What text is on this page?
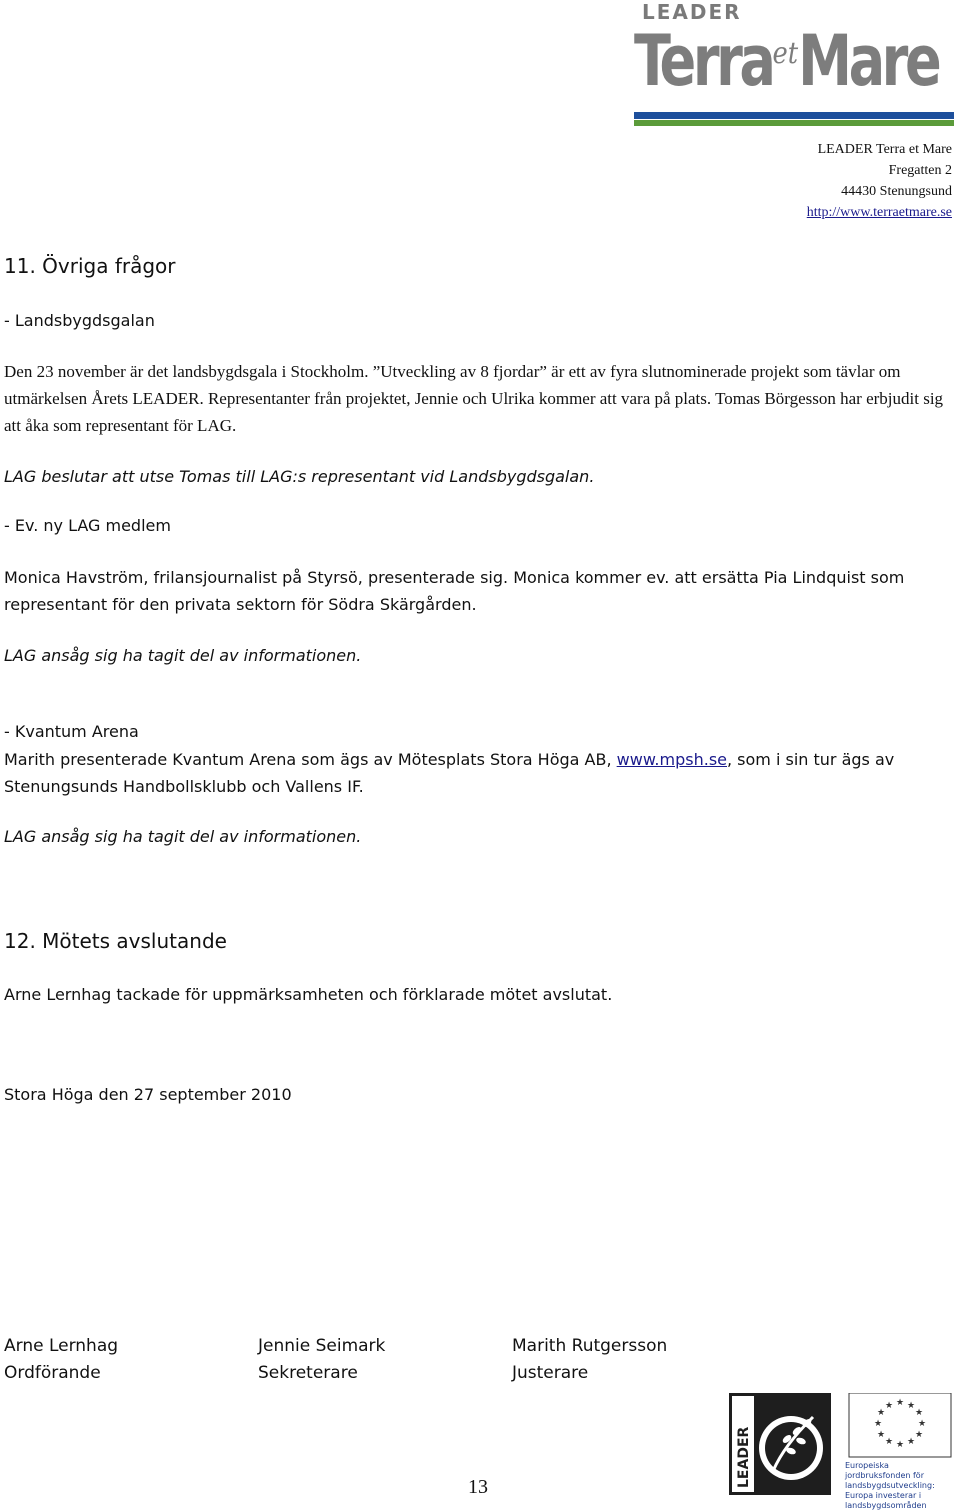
LEADER
Terra$^{et}$Mare
LEADER Terra et Mare
Fregatten 2
44430 Stenungsund
http://www.terraetmare.se
11. Övriga frågor
- Landsbygdsgalan
Den 23 november är det landsbygdsgala i Stockholm. ”Utveckling av 8 fjordar” är ett av fyra slutnominerade projekt som tävlar om utmärkelsen Årets LEADER. Representanter från projektet, Jennie och Ulrika kommer att vara på plats. Tomas Börgesson har erbjudit sig att åka som representant för LAG.
LAG beslutar att utse Tomas till LAG:s representant vid Landsbygdsgalan.
- Ev. ny LAG medlem
Monica Havström, frilansjournalist på Styrsö, presenterade sig. Monica kommer ev. att ersätta Pia Lindquist som representant för den privata sektorn för Södra Skärgården.
LAG ansåg sig ha tagit del av informationen.
- Kvantum Arena
Marith presenterade Kvantum Arena som ägs av Mötesplats Stora Höga AB, www.mpsh.se, som i sin tur ägs av Stenungsunds Handbollsklubb och Vallens IF.
LAG ansåg sig ha tagit del av informationen.
12. Mötets avslutande
Arne Lernhag tackade för uppmärksamheten och förklarade mötet avslutat.
Stora Höga den 27 september 2010
Arne Lernhag
Ordförande
Jennie Seimark
Sekreterare
Marith Rutgersson
Justerare
LEADER
★ ★
★
★
★
★
★
★
★
★
★
★
Europeiska jordbruksfonden för landsbygdsutveckling: Europa investerar i landsbygdsområden
13
